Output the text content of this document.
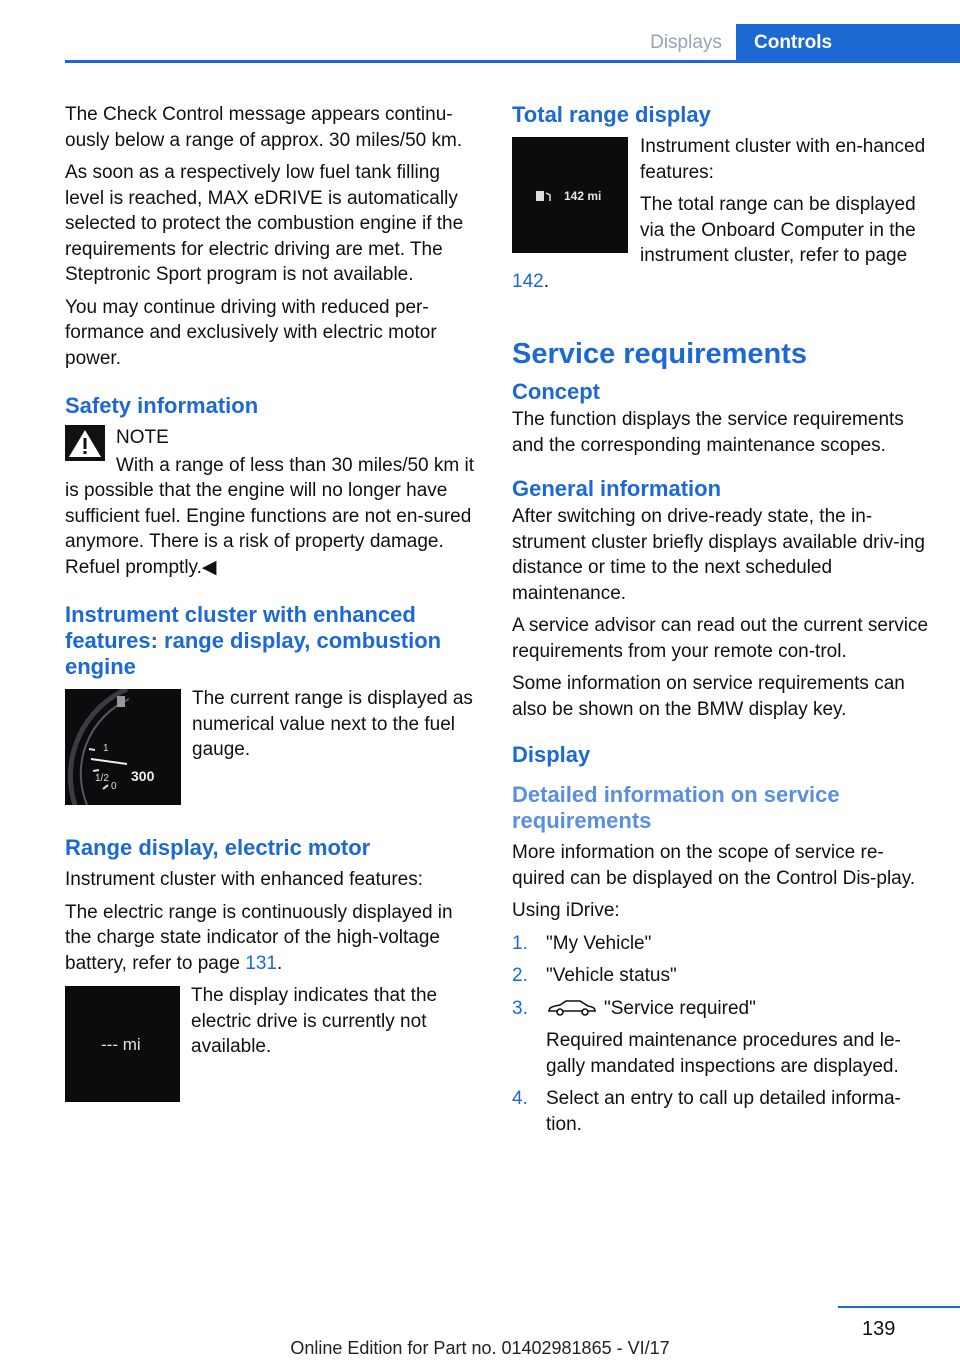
Displays	Controls

The Check Control message appears continu-ously below a range of approx. 30 miles/50 km.

As soon as a respectively low fuel tank filling level is reached, MAX eDRIVE is automatically selected to protect the combustion engine if the requirements for electric driving are met. The Steptronic Sport program is not available.

You may continue driving with reduced per-formance and exclusively with electric motor power.

Safety information

NOTE

With a range of less than 30 miles/50 km it is possible that the engine will no longer have sufficient fuel. Engine functions are not en-sured anymore. There is a risk of property damage. Refuel promptly.◀

Instrument cluster with enhanced features: range display, combustion engine
1
1/2
0
300

The current range is displayed as numerical value next to the fuel gauge.

Range display, electric motor

Instrument cluster with enhanced features:

The electric range is continuously displayed in the charge state indicator of the high-voltage battery, refer to page 131.

--- mi

The display indicates that the electric drive is currently not available.

Total range display
142 mi

Instrument cluster with en-hanced features:

The total range can be displayed via the Onboard Computer in the instrument cluster, refer to page 142.

Service requirements
Concept

The function displays the service requirements and the corresponding maintenance scopes.

General information

After switching on drive-ready state, the in-strument cluster briefly displays available driv-ing distance or time to the next scheduled maintenance.

A service advisor can read out the current service requirements from your remote con-trol.

Some information on service requirements can also be shown on the BMW display key.

Display
Detailed information on service requirements

More information on the scope of service re-quired can be displayed on the Control Dis-play.

Using iDrive:

1. "My Vehicle"
2. "Vehicle status"
3.	"Service required"
Required maintenance procedures and le-gally mandated inspections are displayed.
4. Select an entry to call up detailed informa-tion.
139
Online Edition for Part no. 01402981865 - VI/17
